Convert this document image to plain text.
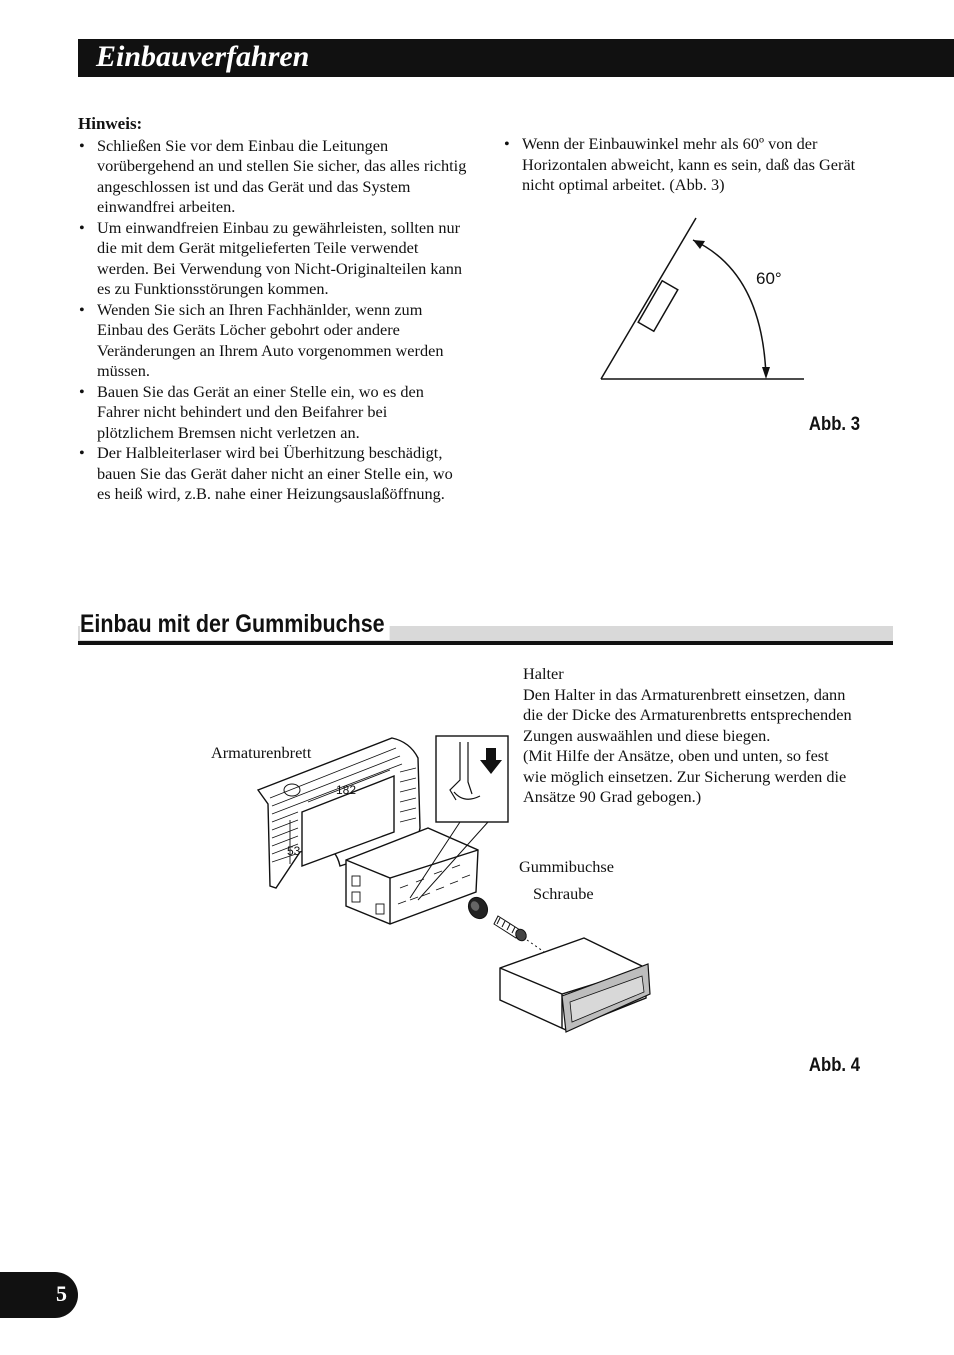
Einbauverfahren
Hinweis:
• Schließen Sie vor dem Einbau die Leitungen vorübergehend an und stellen Sie sicher, das alles richtig angeschlossen ist und das Gerät und das System einwandfrei arbeiten.
• Um einwandfreien Einbau zu gewährleisten, sollten nur die mit dem Gerät mitgelieferten Teile verwendet werden. Bei Verwendung von Nicht-Originalteilen kann es zu Funktionsstörungen kommen.
• Wenden Sie sich an Ihren Fachhänlder, wenn zum Einbau des Geräts Löcher gebohrt oder andere Veränderungen an Ihrem Auto vorgenommen werden müssen.
• Bauen Sie das Gerät an einer Stelle ein, wo es den Fahrer nicht behindert und den Beifahrer bei plötzlichem Bremsen nicht verletzen an.
• Der Halbleiterlaser wird bei Überhitzung beschädigt, bauen Sie das Gerät daher nicht an einer Stelle ein, wo es heiß wird, z.B. nahe einer Heizungsauslaßöffnung.
• Wenn der Einbauwinkel mehr als 60º von der Horizontalen abweicht, kann es sein, daß das Gerät nicht optimal arbeitet. (Abb. 3)
60°
Abb. 3
Einbau mit der Gummibuchse
Halter
Den Halter in das Armaturenbrett einsetzen, dann die der Dicke des Armaturenbretts entsprechenden Zungen auswaählen und diese biegen.
(Mit Hilfe der Ansätze, oben und unten, so fest wie möglich einsetzen. Zur Sicherung werden die Ansätze 90 Grad gebogen.)
Armaturenbrett
Gummibuchse
Schraube
182
53
Abb. 4
5
